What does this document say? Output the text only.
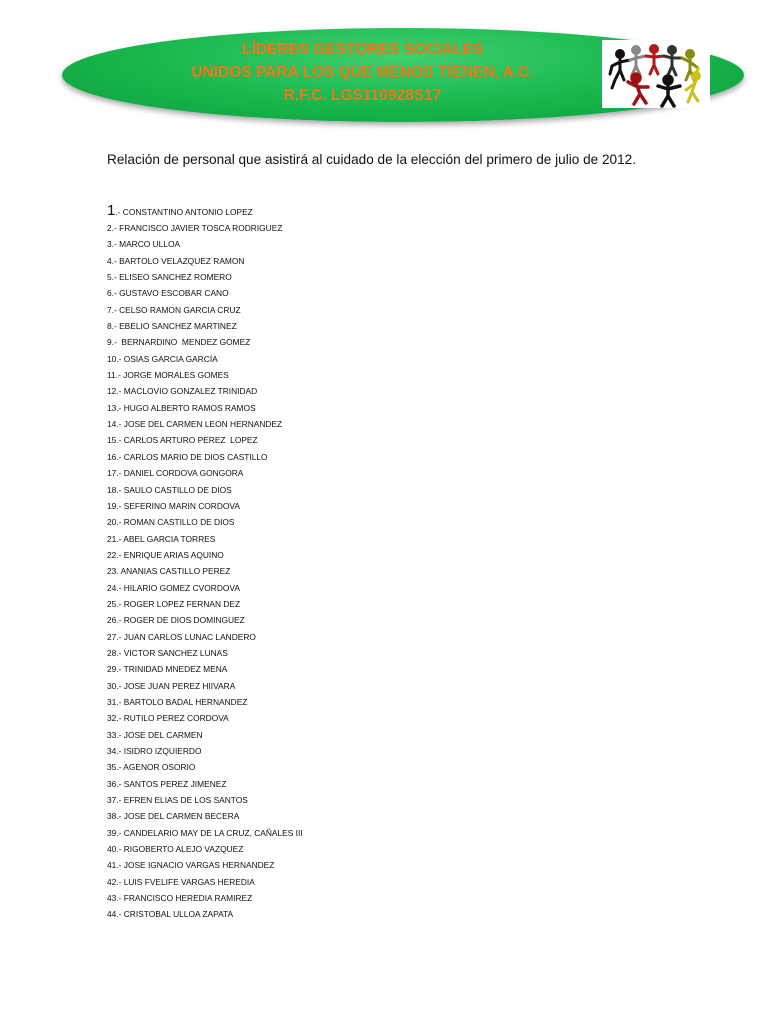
LÍDERES GESTORES SOCIALES
UNIDOS PARA LOS QUE MENOS TIENEN, A.C.
R.F.C. LGS110928S17
Relación de personal que asistirá al cuidado de la elección del primero de julio de 2012.
1.- CONSTANTINO ANTONIO LOPEZ
2.- FRANCISCO JAVIER TOSCA RODRIGUEZ
3.- MARCO ULLOA
4.- BARTOLO VELAZQUEZ RAMON
5.- ELISEO SANCHEZ ROMERO
6.- GUSTAVO ESCOBAR CANO
7.- CELSO RAMON GARCIA CRUZ
8.- EBELIO SANCHEZ MARTINEZ
9.-  BERNARDINO  MENDEZ GOMEZ
10.- OSIAS GARCIA GARCÍA
11.- JORGE MORALES GOMES
12.- MACLOVIO GONZALEZ TRINIDAD
13.- HUGO ALBERTO RAMOS RAMOS
14.- JOSE DEL CARMEN LEON HERNANDEZ
15.- CARLOS ARTURO PEREZ  LOPEZ
16.- CARLOS MARIO DE DIOS CASTILLO
17.- DANIEL CORDOVA GONGORA
18.- SAULO CASTILLO DE DIOS
19.- SEFERINO MARIN CORDOVA
20.- ROMAN CASTILLO DE DIOS
21.- ABEL GARCIA TORRES
22.- ENRIQUE ARIAS AQUINO
23. ANANIAS CASTILLO PEREZ
24.- HILARIO GOMEZ CVORDOVA
25.- ROGER LOPEZ FERNAN DEZ
26.- ROGER DE DIOS DOMINGUEZ
27.- JUAN CARLOS LUNAC LANDERO
28.- VICTOR SANCHEZ LUNAS
29.- TRINIDAD MNEDEZ MENA
30.- JOSE JUAN PEREZ HIIVARA
31.- BARTOLO BADAL HERNANDEZ
32.- RUTILO PEREZ CORDOVA
33.- JOSE DEL CARMEN
34.- ISIDRO IZQUIERDO
35.- AGENOR OSORIO
36.- SANTOS PEREZ JIMENEZ
37.- EFREN ELIAS DE LOS SANTOS
38.- JOSE DEL CARMEN BECERA
39.- CANDELARIO MAY DE LA CRUZ, CAÑALES III
40.- RIGOBERTO ALEJO VAZQUEZ
41.- JOSE IGNACIO VARGAS HERNANDEZ
42.- LUIS FVELIFE VARGAS HEREDIA
43.- FRANCISCO HEREDIA RAMIREZ
44.- CRISTOBAL ULLOA ZAPATA
